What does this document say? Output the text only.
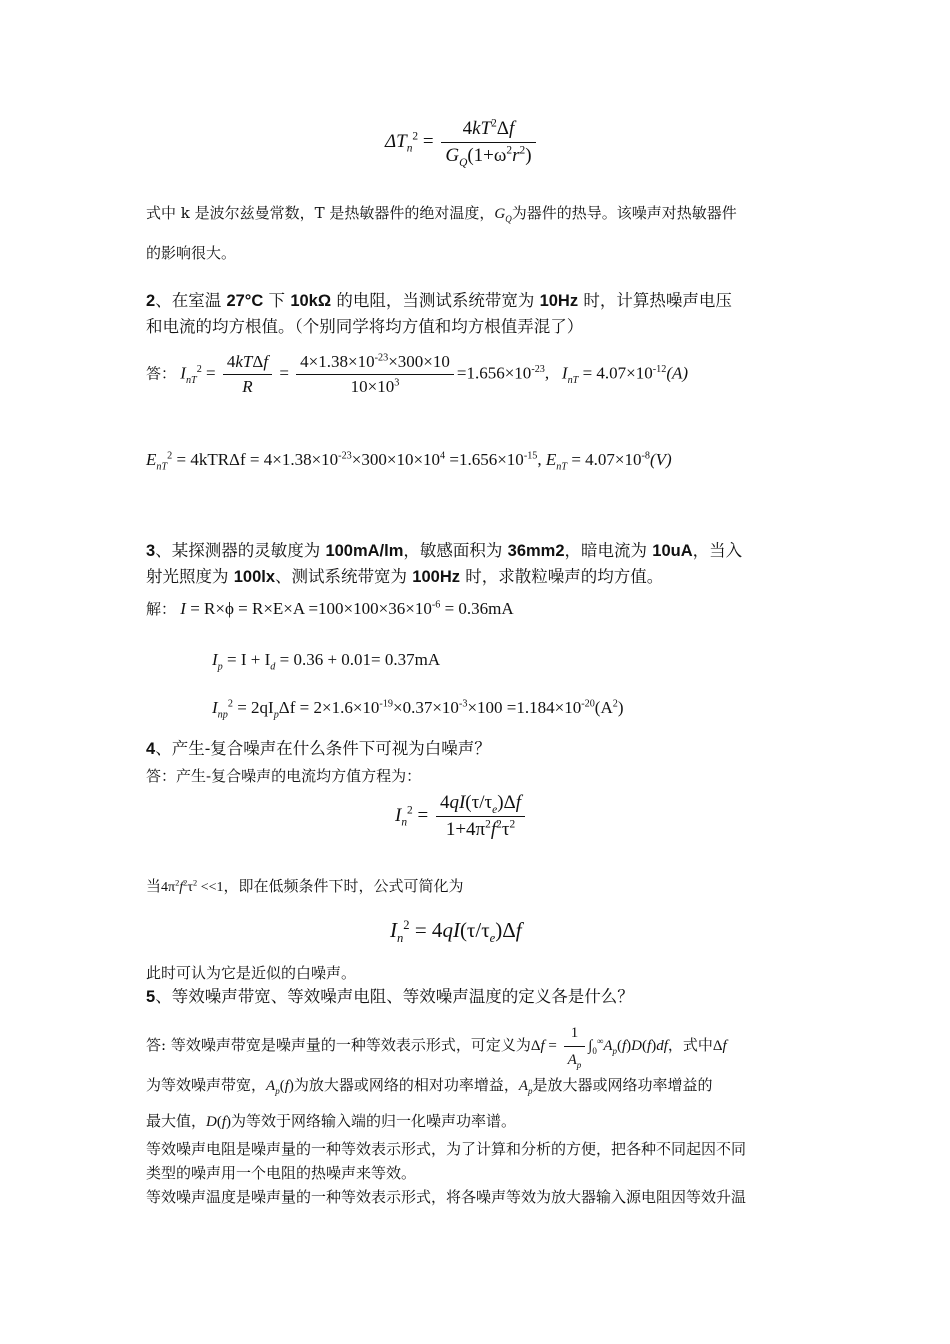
$\Delta T_n^2 = \frac{4kT^2\Delta f}{G_Q(1+\omega^2r^2)}$
式中 k 是波尔兹曼常数，T 是热敏器件的绝对温度，$G_Q$为器件的热导。该噪声对热敏器件
的影响很大。
2、在室温 27°C 下 10kΩ 的电阻，当测试系统带宽为 10Hz 时，计算热噪声电压
和电流的均方根值。（个别同学将均方值和均方根值弄混了）
答： $I_{nT}^2 = \frac{\text{4kTΔf}}{R} = \frac{4\times 1.38\times 10^{-23}\times 300\times 10}{10\times 10^3} =1.656\times 10^{-23}$,   $I_{nT} = 4.07\times 10^{-12}(A)$
$E_{nT}^2 = 4kTR\Delta f = 4\times 1.38\times 10^{-23}\times 300\times 10\times 10^4 =1.656\times 10^{-15}$, $E_{nT} = 4.07\times 10^{-8}(V)$
3、某探测器的灵敏度为 100mA/lm，敏感面积为 36mm2，暗电流为 10uA，当入
射光照度为 100lx、测试系统带宽为 100Hz 时，求散粒噪声的均方值。
解： $I = R\times\phi = R\times E\times A =100\times 100\times 36\times 10^{-6} = 0.36mA$
$I_p = I + I_d = 0.36 + 0.01= 0.37mA$
$I_{np}^2 = 2qI_p\Delta f = 2\times 1.6\times 10^{-19}\times 0.37\times 10^{-3}\times 100 =1.184\times 10^{-20}(A^2)$
4、产生-复合噪声在什么条件下可视为白噪声？
答：产生-复合噪声的电流均方值方程为：
$I_n^2 = \frac{4qI(\tau/\tau_e)\Delta f}{1+4\pi^2f^2\tau^2}$
当$4\pi^2f^2\tau^2 <<1$，即在低频条件下时，公式可简化为
$I_n^2 = 4qI(\tau/\tau_e)\Delta f$
此时可认为它是近似的白噪声。
5、等效噪声带宽、等效噪声电阻、等效噪声温度的定义各是什么？
答: 等效噪声带宽是噪声量的一种等效表示形式，可定义为$\Delta f = \frac{1}{A_p} \int_0^\infty A_p(f)D(f)df$，式中Δf
为等效噪声带宽，$A_p(f)$为放大器或网络的相对功率增益，$A_p$是放大器或网络功率增益的
最大值，D(f)为等效于网络输入端的归一化噪声功率谱。
等效噪声电阻是噪声量的一种等效表示形式，为了计算和分析的方便，把各种不同起因不同
类型的噪声用一个电阻的热噪声来等效。
等效噪声温度是噪声量的一种等效表示形式，将各噪声等效为放大器输入源电阻因等效升温
